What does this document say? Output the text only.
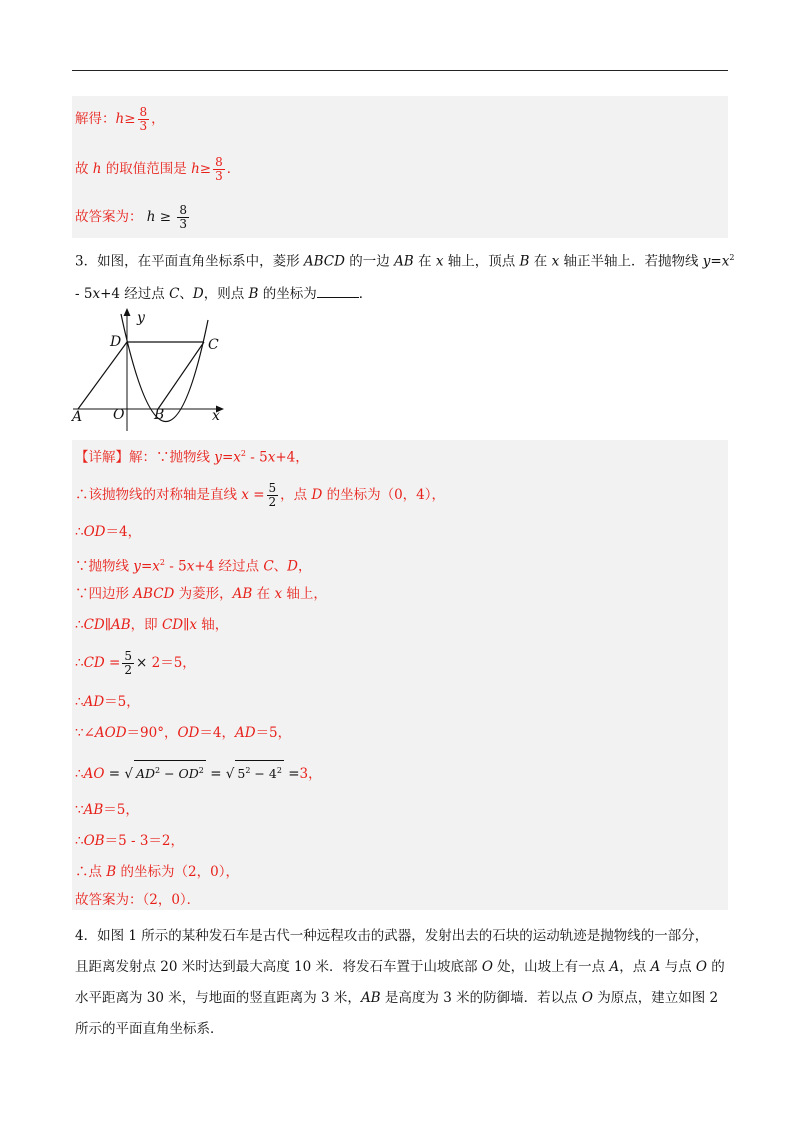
解得：$h\ge \frac{8}{3}$ ，
故 h 的取值范围是 $h\ge \frac{8}{3}$ ．
故答案为： $h \ge \frac{8}{3}$
3．如图，在平面直角坐标系中，菱形 ABCD 的一边 AB 在 x 轴上，顶点 B 在 x 轴正半轴上．若抛物线 $y=x^2$
- 5x+4 经过点 C、D，则点 B 的坐标为	．
y
D	C
A O B	x
【详解】解：∵抛物线 $y=x^2 - 5x+4$，
∴该抛物线的对称轴是直线 $x = \frac{5}{2}$ ，点 D 的坐标为（0，4），
∴OD＝4，
∵抛物线 $y=x^2 - 5x+4$ 经过点 C、D，
∵四边形 ABCD 为菱形，AB 在 x 轴上，
∴CD∥AB，即 CD∥x 轴，
∴CD = $\frac{5}{2} \times 2=5$，
∴AD＝5，
∵∠AOD＝90°，OD＝4，AD＝5，
∴AO = √ $AD^2 - OD^2$ = √ $5^2 - 4^2 =3$，
∵AB＝5，
∴OB＝5 - 3＝2，
∴点 B 的坐标为（2，0），
故答案为：（2，0）．
4．如图 1 所示的某种发石车是古代一种远程攻击的武器，发射出去的石块的运动轨迹是抛物线的一部分，
且距离发射点 20 米时达到最大高度 10 米．将发石车置于山坡底部 O 处，山坡上有一点 A，点 A 与点 O 的
水平距离为 30 米，与地面的竖直距离为 3 米，AB 是高度为 3 米的防御墙．若以点 O 为原点，建立如图 2
所示的平面直角坐标系．
